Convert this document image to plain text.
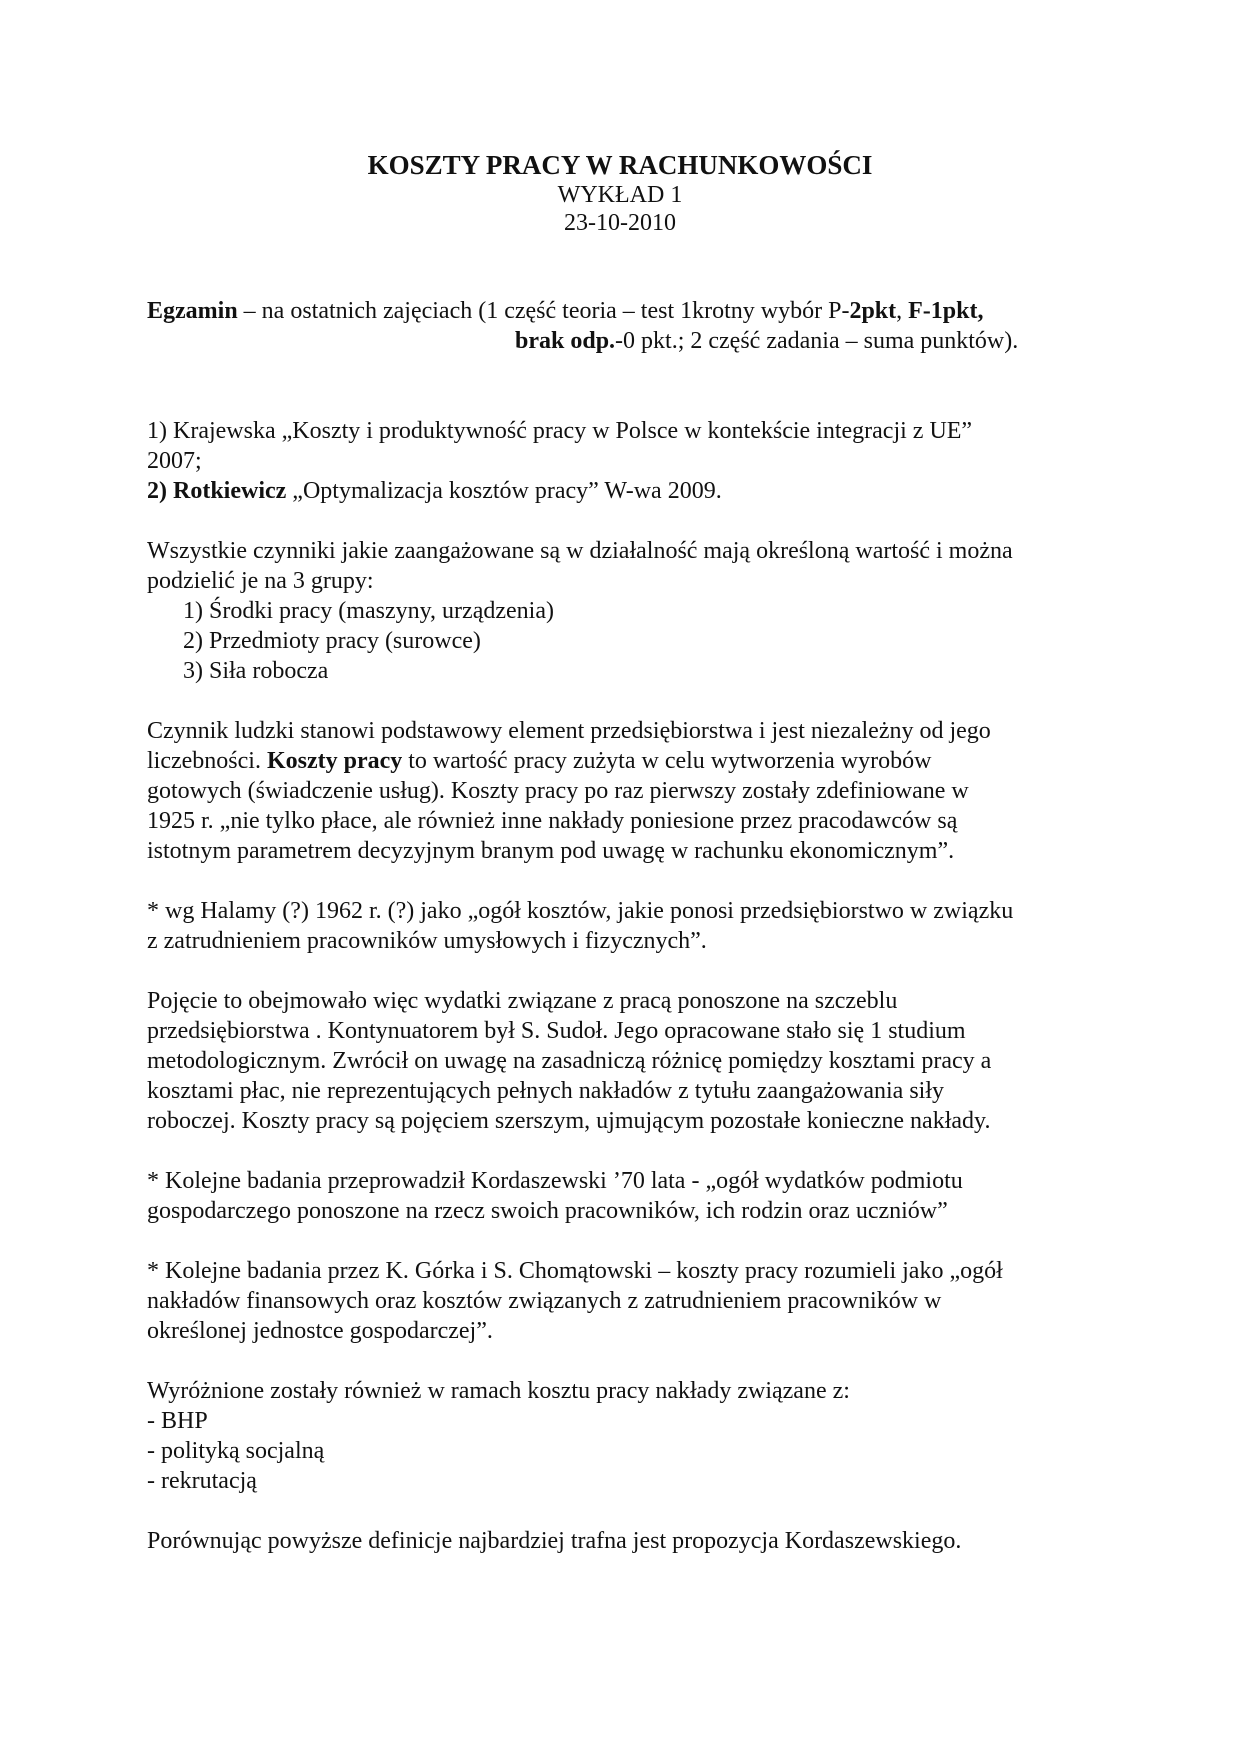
KOSZTY PRACY W RACHUNKOWOŚCI
WYKŁAD 1
23-10-2010
Egzamin – na ostatnich zajęciach (1 część teoria – test 1krotny wybór P-2pkt, F-1pkt,
brak odp.-0 pkt.; 2 część zadania – suma punktów).
1) Krajewska „Koszty i produktywność pracy w Polsce w kontekście integracji z UE”
2007;
2) Rotkiewicz „Optymalizacja kosztów pracy” W-wa 2009.
Wszystkie czynniki jakie zaangażowane są w działalność mają określoną wartość i można
podzielić je na 3 grupy:
1) Środki pracy (maszyny, urządzenia)
2) Przedmioty pracy (surowce)
3) Siła robocza
Czynnik ludzki stanowi podstawowy element przedsiębiorstwa i jest niezależny od jego
liczebności. Koszty pracy to wartość pracy zużyta w celu wytworzenia wyrobów
gotowych (świadczenie usług). Koszty pracy po raz pierwszy zostały zdefiniowane w
1925 r. „nie tylko płace, ale również inne nakłady poniesione przez pracodawców są
istotnym parametrem decyzyjnym branym pod uwagę w rachunku ekonomicznym”.
* wg Halamy (?) 1962 r. (?) jako „ogół kosztów, jakie ponosi przedsiębiorstwo w związku
z zatrudnieniem pracowników umysłowych i fizycznych”.
Pojęcie to obejmowało więc wydatki związane z pracą ponoszone na szczeblu
przedsiębiorstwa . Kontynuatorem był S. Sudoł. Jego opracowane stało się 1 studium
metodologicznym. Zwrócił on uwagę na zasadniczą różnicę pomiędzy kosztami pracy a
kosztami płac, nie reprezentujących pełnych nakładów z tytułu zaangażowania siły
roboczej. Koszty pracy są pojęciem szerszym, ujmującym pozostałe konieczne nakłady.
* Kolejne badania przeprowadził Kordaszewski ’70 lata - „ogół wydatków podmiotu
gospodarczego ponoszone na rzecz swoich pracowników, ich rodzin oraz uczniów”
* Kolejne badania przez K. Górka i S. Chomątowski – koszty pracy rozumieli jako „ogół
nakładów finansowych oraz kosztów związanych z zatrudnieniem pracowników w
określonej jednostce gospodarczej”.
Wyróżnione zostały również w ramach kosztu pracy nakłady związane z:
- BHP
- polityką socjalną
- rekrutacją
Porównując powyższe definicje najbardziej trafna jest propozycja Kordaszewskiego.
